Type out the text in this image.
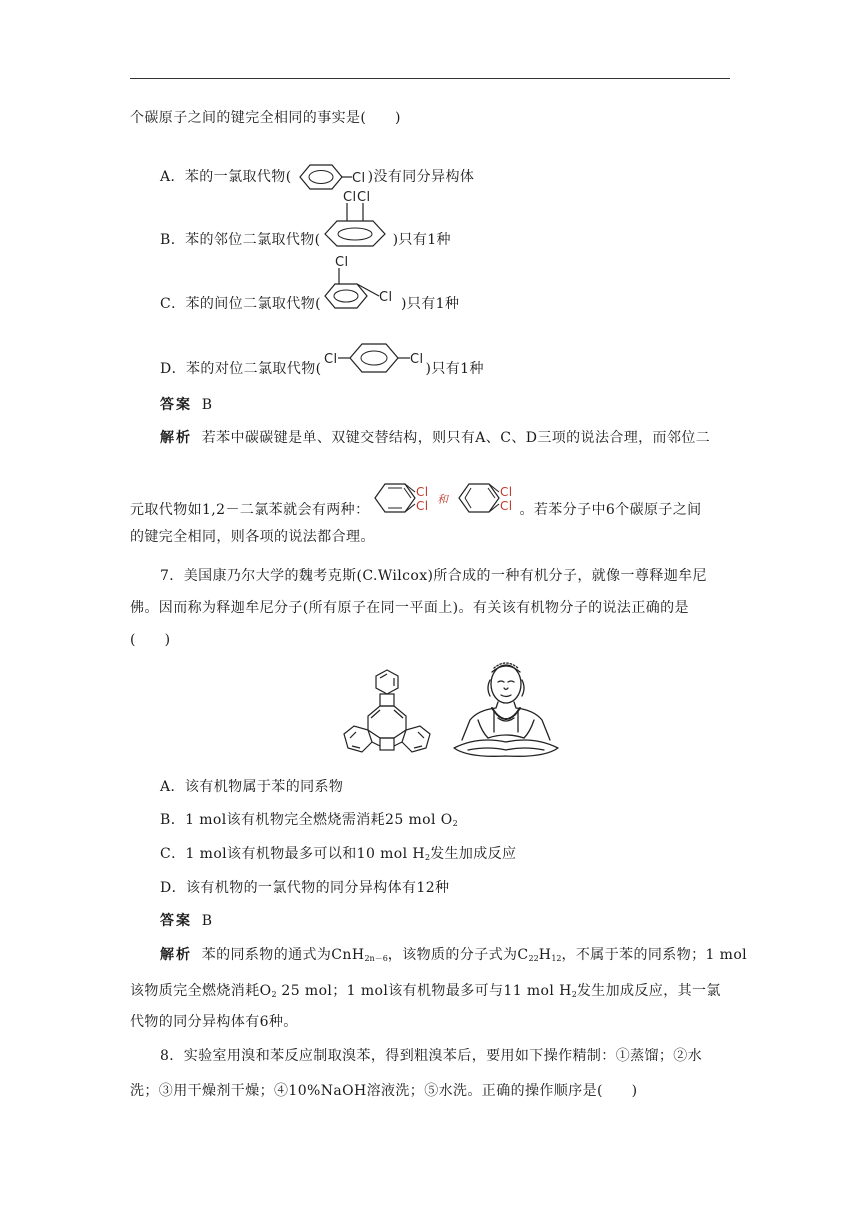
个碳原子之间的键完全相同的事实是(　　)
A．苯的一氯取代物(	Cl )没有同分异构体
B．苯的邻位二氯取代物(
Cl Cl
)只有1种
C．苯的间位二氯取代物(
Cl
Cl )只有1种
D．苯的对位二氯取代物(
Cl	Cl
)只有1种
答案 B
解析 若苯中碳碳键是单、双键交替结构，则只有A、C、D三项的说法合理，而邻位二
元取代物如1,2－二氯苯就会有两种：
Cl
Cl 和
Cl
Cl 。若苯分子中6个碳原子之间
的键完全相同，则各项的说法都合理。
7．美国康乃尔大学的魏考克斯(C.Wilcox)所合成的一种有机分子，就像一尊释迦牟尼
佛。因而称为释迦牟尼分子(所有原子在同一平面上)。有关该有机物分子的说法正确的是
(　　)
A．该有机物属于苯的同系物
B．1 mol该有机物完全燃烧需消耗25 mol $O_2$
C．1 mol该有机物最多可以和10 mol $H_2$发生加成反应
D．该有机物的一氯代物的同分异构体有12种
答案 B
解析 苯的同系物的通式为CnH$_{2n-6}$，该物质的分子式为$C_{22}H_{12}$，不属于苯的同系物；1 mol
该物质完全燃烧消耗$O_2$ 25 mol；1 mol该有机物最多可与11 mol $H_2$发生加成反应，其一氯
代物的同分异构体有6种。
8．实验室用溴和苯反应制取溴苯，得到粗溴苯后，要用如下操作精制：①蒸馏；②水
洗；③用干燥剂干燥；④10%NaOH溶液洗；⑤水洗。正确的操作顺序是(　　)
